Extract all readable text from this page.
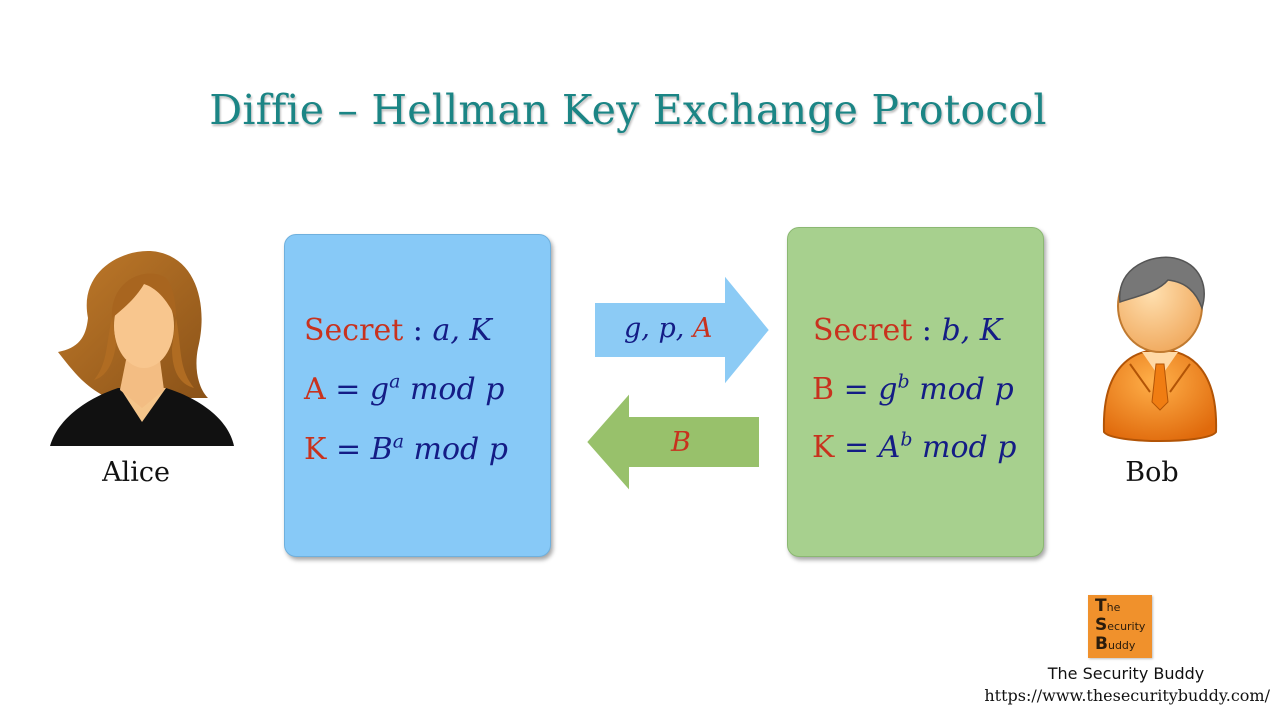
Diffie – Hellman Key Exchange Protocol
Alice	Bob
Secret : a, K
$A = g^a$ mod p
$K = B^a$ mod p
Secret : b, K
$B = g^b$ mod p
$K = A^b$ mod p
g, p, A
B
The
Security
Buddy
The Security Buddy
https://www.thesecuritybuddy.com/
